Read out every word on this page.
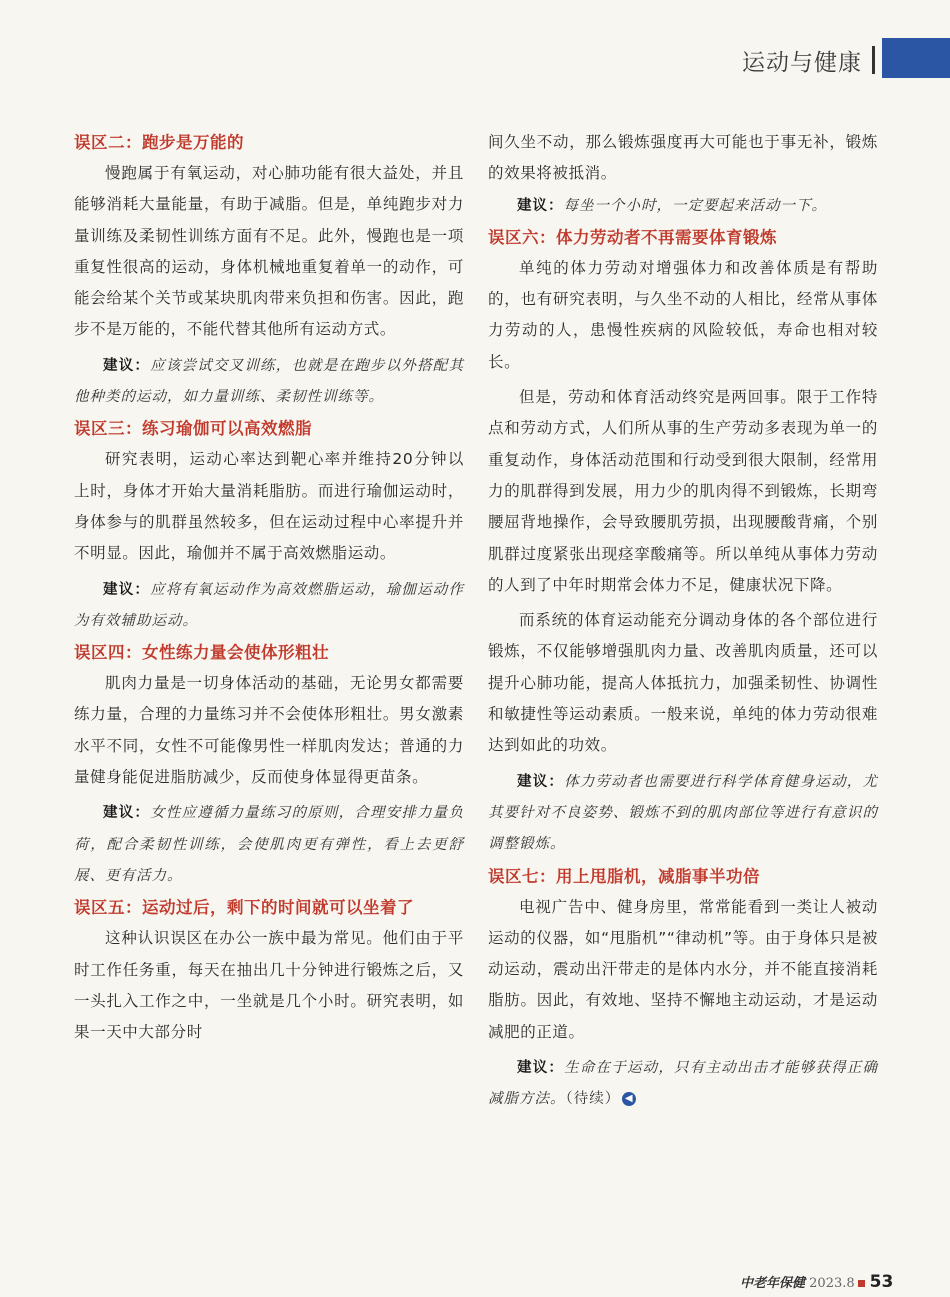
运动与健康

误区二：跑步是万能的

慢跑属于有氧运动，对心肺功能有很大益处，并且能够消耗大量能量，有助于减脂。但是，单纯跑步对力量训练及柔韧性训练方面有不足。此外，慢跑也是一项重复性很高的运动，身体机械地重复着单一的动作，可能会给某个关节或某块肌肉带来负担和伤害。因此，跑步不是万能的，不能代替其他所有运动方式。

建议：应该尝试交叉训练，也就是在跑步以外搭配其他种类的运动，如力量训练、柔韧性训练等。

误区三：练习瑜伽可以高效燃脂

研究表明，运动心率达到靶心率并维持20分钟以上时，身体才开始大量消耗脂肪。而进行瑜伽运动时，身体参与的肌群虽然较多，但在运动过程中心率提升并不明显。因此，瑜伽并不属于高效燃脂运动。

建议：应将有氧运动作为高效燃脂运动，瑜伽运动作为有效辅助运动。

误区四：女性练力量会使体形粗壮

肌肉力量是一切身体活动的基础，无论男女都需要练力量，合理的力量练习并不会使体形粗壮。男女激素水平不同，女性不可能像男性一样肌肉发达；普通的力量健身能促进脂肪减少，反而使身体显得更苗条。

建议：女性应遵循力量练习的原则，合理安排力量负荷，配合柔韧性训练，会使肌肉更有弹性，看上去更舒展、更有活力。

误区五：运动过后，剩下的时间就可以坐着了

这种认识误区在办公一族中最为常见。他们由于平时工作任务重，每天在抽出几十分钟进行锻炼之后，又一头扎入工作之中，一坐就是几个小时。研究表明，如果一天中大部分时

间久坐不动，那么锻炼强度再大可能也于事无补，锻炼的效果将被抵消。

建议：每坐一个小时，一定要起来活动一下。

误区六：体力劳动者不再需要体育锻炼

单纯的体力劳动对增强体力和改善体质是有帮助的，也有研究表明，与久坐不动的人相比，经常从事体力劳动的人，患慢性疾病的风险较低，寿命也相对较长。

但是，劳动和体育活动终究是两回事。限于工作特点和劳动方式，人们所从事的生产劳动多表现为单一的重复动作，身体活动范围和行动受到很大限制，经常用力的肌群得到发展，用力少的肌肉得不到锻炼，长期弯腰屈背地操作，会导致腰肌劳损，出现腰酸背痛，个别肌群过度紧张出现痉挛酸痛等。所以单纯从事体力劳动的人到了中年时期常会体力不足，健康状况下降。

而系统的体育运动能充分调动身体的各个部位进行锻炼，不仅能够增强肌肉力量、改善肌肉质量，还可以提升心肺功能，提高人体抵抗力，加强柔韧性、协调性和敏捷性等运动素质。一般来说，单纯的体力劳动很难达到如此的功效。

建议：体力劳动者也需要进行科学体育健身运动，尤其要针对不良姿势、锻炼不到的肌肉部位等进行有意识的调整锻炼。

误区七：用上甩脂机，减脂事半功倍

电视广告中、健身房里，常常能看到一类让人被动运动的仪器，如“甩脂机”“律动机”等。由于身体只是被动运动，震动出汗带走的是体内水分，并不能直接消耗脂肪。因此，有效地、坚持不懈地主动运动，才是运动减肥的正道。

建议：生命在于运动，只有主动出击才能够获得正确减脂方法。（待续） ◀

中老年保健 2023.8 53
